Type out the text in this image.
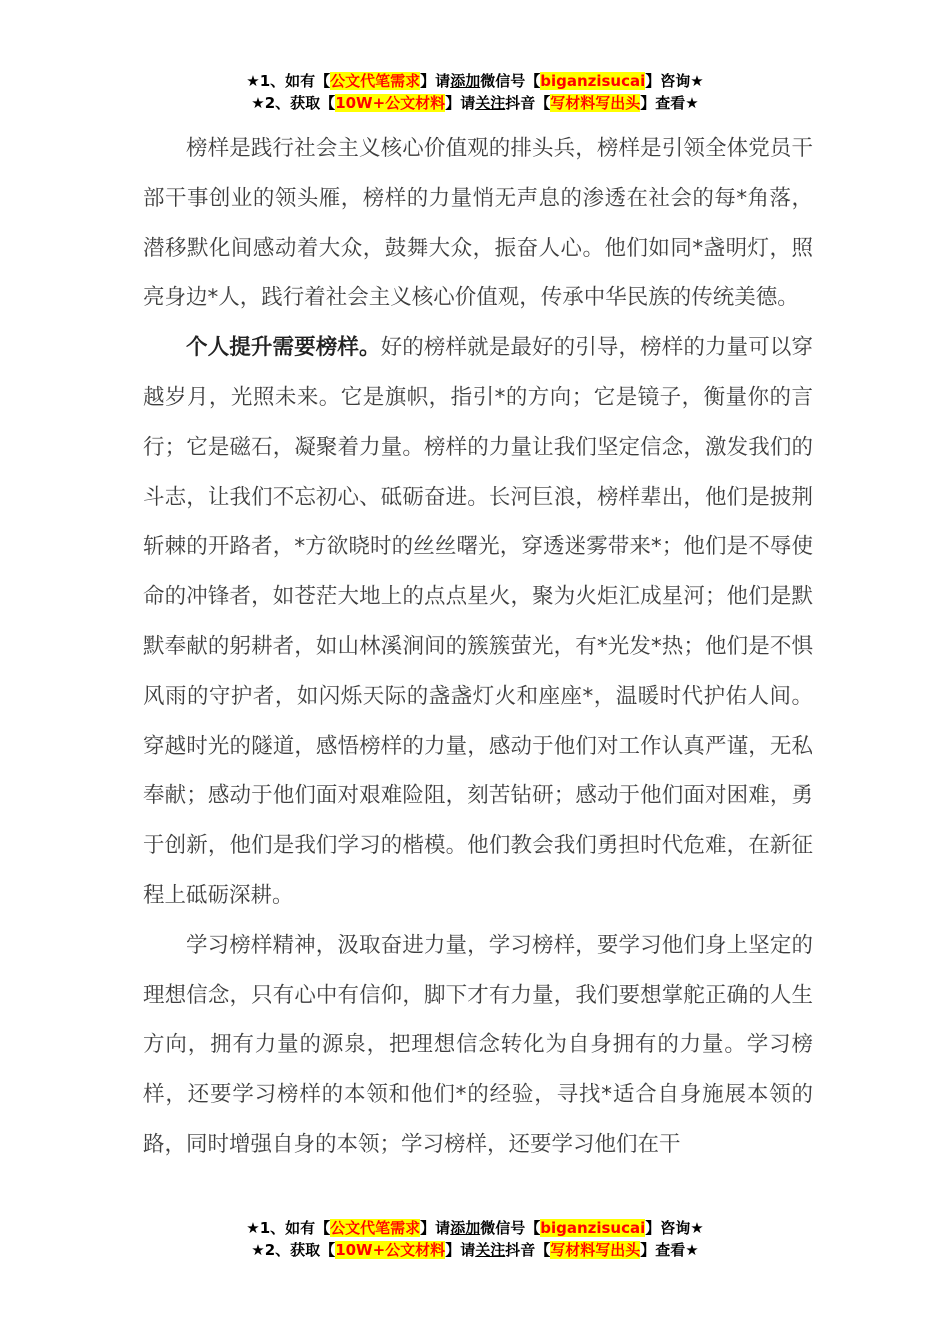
★1、如有【公文代笔需求】请添加微信号【biganzisucai】咨询★
★2、获取【10W+公文材料】请关注抖音【写材料写出头】查看★

榜样是践行社会主义核心价值观的排头兵，榜样是引领全体党员干部干事创业的领头雁，榜样的力量悄无声息的渗透在社会的每*角落，潜移默化间感动着大众，鼓舞大众，振奋人心。他们如同*盏明灯，照亮身边*人，践行着社会主义核心价值观，传承中华民族的传统美德。

个人提升需要榜样。好的榜样就是最好的引导，榜样的力量可以穿越岁月，光照未来。它是旗帜，指引*的方向；它是镜子，衡量你的言行；它是磁石，凝聚着力量。榜样的力量让我们坚定信念，激发我们的斗志，让我们不忘初心、砥砺奋进。长河巨浪，榜样辈出，他们是披荆斩棘的开路者，*方欲晓时的丝丝曙光，穿透迷雾带来*；他们是不辱使命的冲锋者，如苍茫大地上的点点星火，聚为火炬汇成星河；他们是默默奉献的躬耕者，如山林溪涧间的簇簇萤光，有*光发*热；他们是不惧风雨的守护者，如闪烁天际的盏盏灯火和座座*，温暖时代护佑人间。穿越时光的隧道，感悟榜样的力量，感动于他们对工作认真严谨，无私奉献；感动于他们面对艰难险阻，刻苦钻研；感动于他们面对困难，勇于创新，他们是我们学习的楷模。他们教会我们勇担时代危难，在新征程上砥砺深耕。

学习榜样精神，汲取奋进力量，学习榜样，要学习他们身上坚定的理想信念，只有心中有信仰，脚下才有力量，我们要想掌舵正确的人生方向，拥有力量的源泉，把理想信念转化为自身拥有的力量。学习榜样，还要学习榜样的本领和他们*的经验，寻找*适合自身施展本领的路，同时增强自身的本领；学习榜样，还要学习他们在干

★1、如有【公文代笔需求】请添加微信号【biganzisucai】咨询★
★2、获取【10W+公文材料】请关注抖音【写材料写出头】查看★
